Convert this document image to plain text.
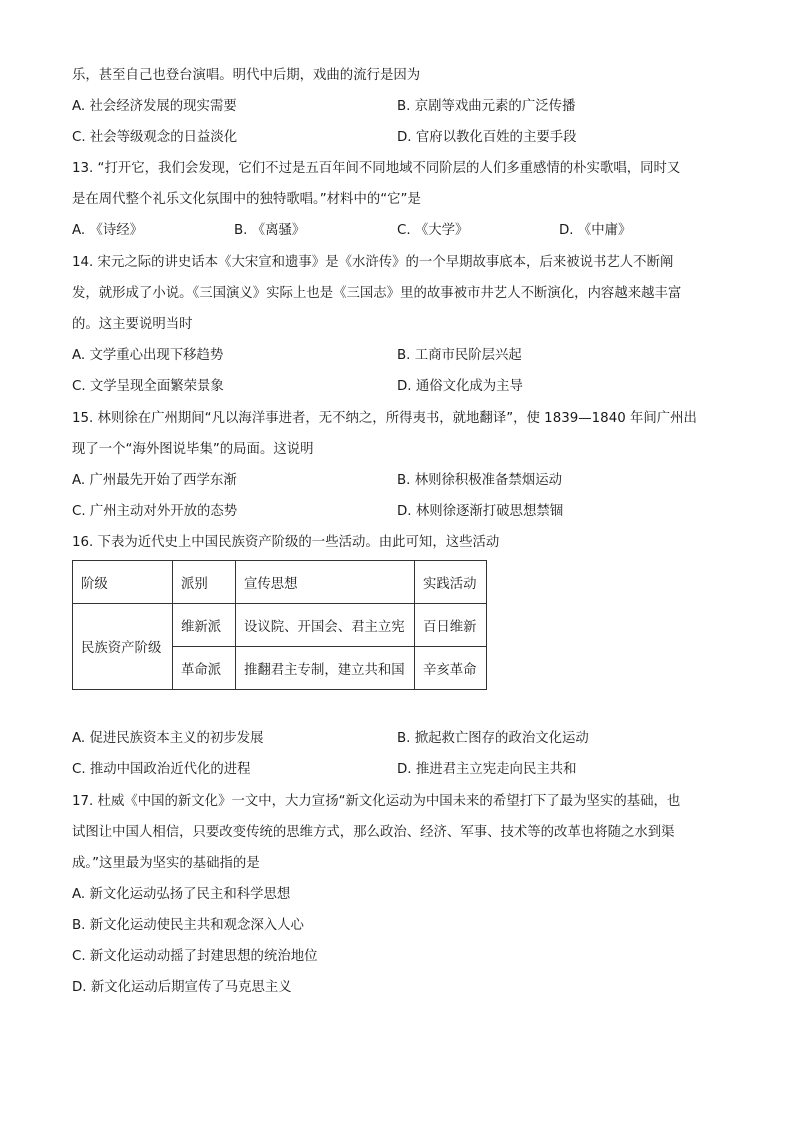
乐，甚至自己也登台演唱。明代中后期，戏曲的流行是因为
A. 社会经济发展的现实需要	B. 京剧等戏曲元素的广泛传播
C. 社会等级观念的日益淡化	D. 官府以教化百姓的主要手段
13. “打开它，我们会发现，它们不过是五百年间不同地域不同阶层的人们多重感情的朴实歌唱，同时又
是在周代整个礼乐文化氛围中的独特歌唱。”材料中的“它”是
A. 《诗经》	B. 《离骚》	C. 《大学》	D. 《中庸》
14. 宋元之际的讲史话本《大宋宣和遗事》是《水浒传》的一个早期故事底本，后来被说书艺人不断阐
发，就形成了小说。《三国演义》实际上也是《三国志》里的故事被市井艺人不断演化，内容越来越丰富
的。这主要说明当时
A. 文学重心出现下移趋势	B. 工商市民阶层兴起
C. 文学呈现全面繁荣景象	D. 通俗文化成为主导
15. 林则徐在广州期间“凡以海洋事进者，无不纳之，所得夷书，就地翻译”，使 1839—1840 年间广州出
现了一个“海外图说毕集”的局面。这说明
A. 广州最先开始了西学东渐	B. 林则徐积极准备禁烟运动
C. 广州主动对外开放的态势	D. 林则徐逐渐打破思想禁锢
16. 下表为近代史上中国民族资产阶级的一些活动。由此可知，这些活动
阶级	派别	宣传思想	实践活动
民族资产阶级	维新派	设议院、开国会、君主立宪	百日维新
	革命派	推翻君主专制，建立共和国	辛亥革命
A. 促进民族资本主义的初步发展	B. 掀起救亡图存的政治文化运动
C. 推动中国政治近代化的进程	D. 推进君主立宪走向民主共和
17. 杜威《中国的新文化》一文中，大力宣扬“新文化运动为中国未来的希望打下了最为坚实的基础，也
试图让中国人相信，只要改变传统的思维方式，那么政治、经济、军事、技术等的改革也将随之水到渠
成。”这里最为坚实的基础指的是
A. 新文化运动弘扬了民主和科学思想
B. 新文化运动使民主共和观念深入人心
C. 新文化运动动摇了封建思想的统治地位
D. 新文化运动后期宣传了马克思主义
